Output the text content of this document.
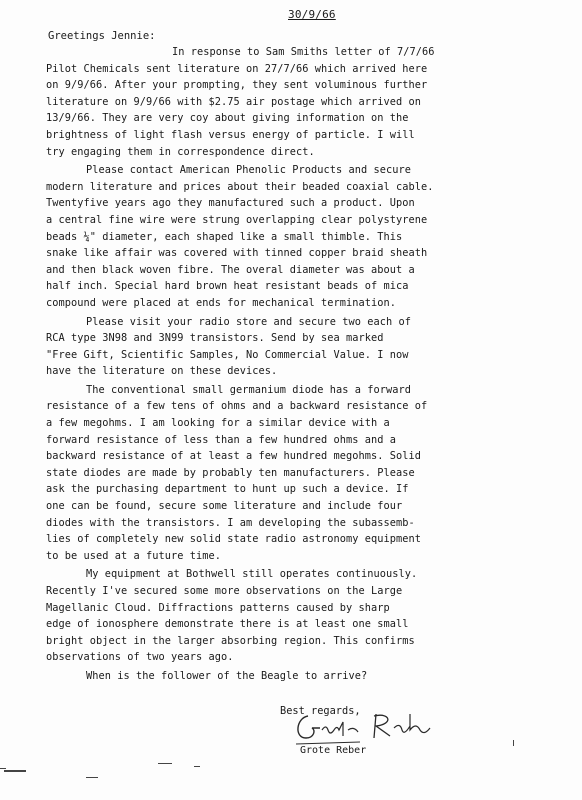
30/9/66
Greetings Jennie:
In response to Sam Smiths letter of 7/7/66
Pilot Chemicals sent literature on 27/7/66 which arrived here
on 9/9/66. After your prompting, they sent voluminous further
literature on 9/9/66 with $2.75 air postage which arrived on
13/9/66. They are very coy about giving information on the
brightness of light flash versus energy of particle. I will
try engaging them in correspondence direct.
Please contact American Phenolic Products and secure
modern literature and prices about their beaded coaxial cable.
Twentyfive years ago they manufactured such a product. Upon
a central fine wire were strung overlapping clear polystyrene
beads ¼" diameter, each shaped like a small thimble. This
snake like affair was covered with tinned copper braid sheath
and then black woven fibre. The overal diameter was about a
half inch. Special hard brown heat resistant beads of mica
compound were placed at ends for mechanical termination.
Please visit your radio store and secure two each of
RCA type 3N98 and 3N99 transistors. Send by sea marked
"Free Gift, Scientific Samples, No Commercial Value. I now
have the literature on these devices.
The conventional small germanium diode has a forward
resistance of a few tens of ohms and a backward resistance of
a few megohms. I am looking for a similar device with a
forward resistance of less than a few hundred ohms and a
backward resistance of at least a few hundred megohms. Solid
state diodes are made by probably ten manufacturers. Please
ask the purchasing department to hunt up such a device. If
one can be found, secure some literature and include four
diodes with the transistors. I am developing the subassemb-
lies of completely new solid state radio astronomy equipment
to be used at a future time.
My equipment at Bothwell still operates continuously.
Recently I've secured some more observations on the Large
Magellanic Cloud. Diffractions patterns caused by sharp
edge of ionosphere demonstrate there is at least one small
bright object in the larger absorbing region. This confirms
observations of two years ago.
When is the follower of the Beagle to arrive?
Best regards,
Grote Reber
